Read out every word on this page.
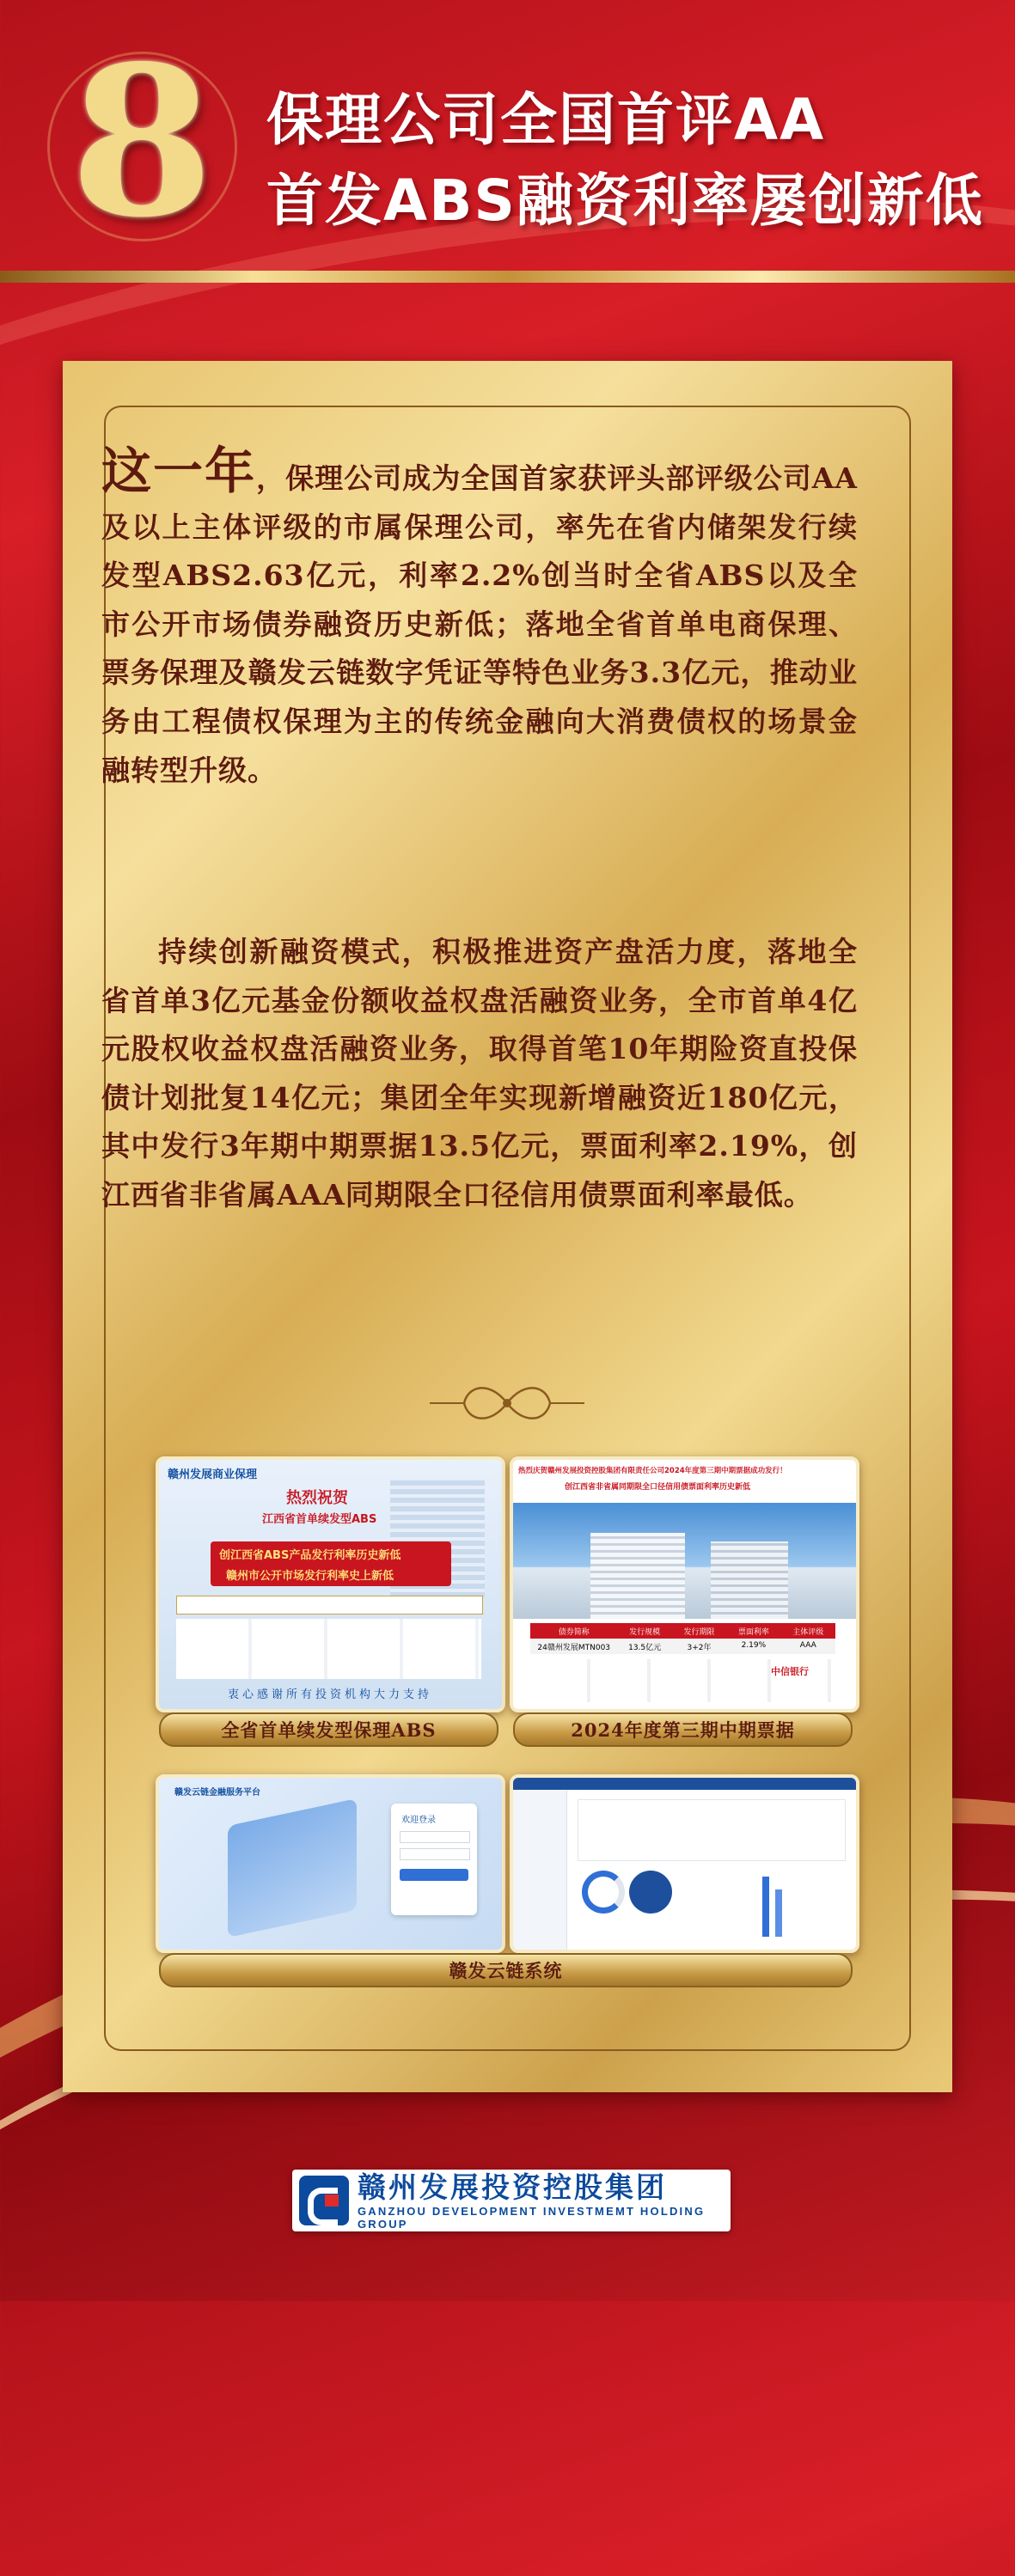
8 保理公司全国首评AA
首发ABS融资利率屡创新低

这一年，保理公司成为全国首家获评头部评级公司AA及以上主体评级的市属保理公司，率先在省内储架发行续发型ABS2.63亿元，利率2.2%创当时全省ABS以及全市公开市场债券融资历史新低；落地全省首单电商保理、票务保理及赣发云链数字凭证等特色业务3.3亿元，推动业务由工程债权保理为主的传统金融向大消费债权的场景金融转型升级。

持续创新融资模式，积极推进资产盘活力度，落地全省首单3亿元基金份额收益权盘活融资业务，全市首单4亿元股权收益权盘活融资业务，取得首笔10年期险资直投保债计划批复14亿元；集团全年实现新增融资近180亿元，其中发行3年期中期票据13.5亿元，票面利率2.19%，创江西省非省属AAA同期限全口径信用债票面利率最低。

赣州发展商业保理
热烈祝贺
江西省首单续发型ABS
创江西省ABS产品发行利率历史新低
赣州市公开市场发行利率史上新低
衷心感谢所有投资机构大力支持
全省首单续发型保理ABS
热烈庆贺赣州发展投资控股集团有限责任公司2024年度第三期中期票据成功发行！
创江西省非省属同期限全口径信用债票面利率历史新低
债券简称	发行规模	发行期限	票面利率	主体评级
24赣州发展MTN003	13.5亿元	3+2年	2.19%	AAA
中信银行
2024年度第三期中期票据
赣发云链金融服务平台
欢迎登录
赣发云链系统
赣州发展投资控股集团
GANZHOU DEVELOPMENT INVESTMEMT HOLDING GROUP
